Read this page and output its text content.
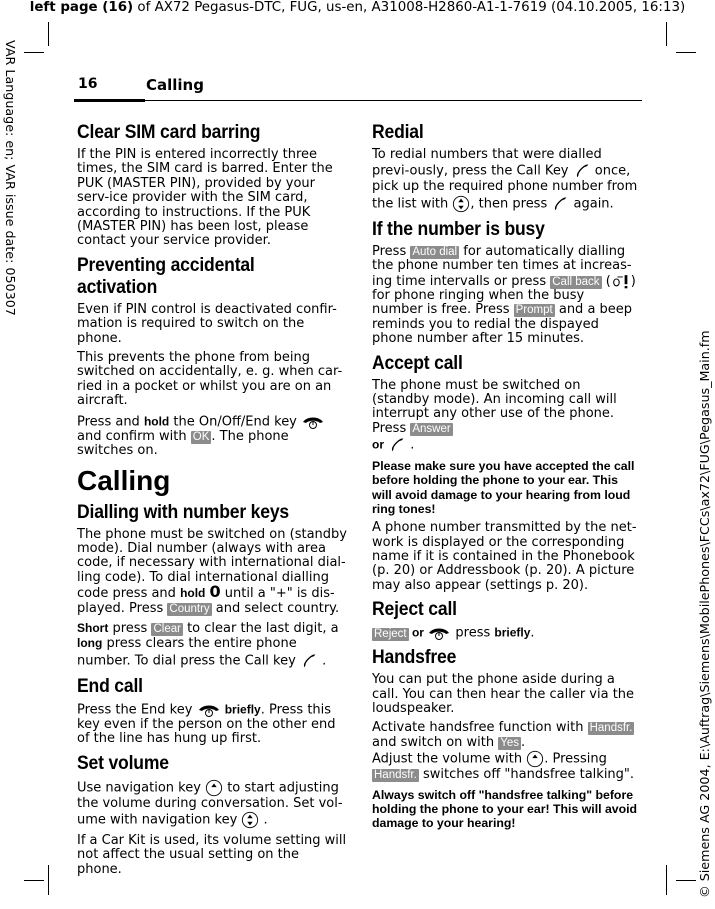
left page (16) of AX72 Pegasus-DTC, FUG, us-en, A31008-H2860-A1-1-7619 (04.10.2005, 16:13)
VAR Language: en; VAR issue date: 050307
© Siemens AG 2004, E:\Auftrag\Siemens\MobilePhones\FCCs\ax72\FUG\Pegasus_Main.fm
16	Calling
Clear SIM card barring

If the PIN is entered incorrectly three times, the SIM card is barred. Enter the PUK (MASTER PIN), provided by your serv-ice provider with the SIM card, according to instructions. If the PUK (MASTER PIN) has been lost, please contact your service provider.

Preventing accidental activation

Even if PIN control is deactivated confir-mation is required to switch on the phone.

This prevents the phone from being switched on accidentally, e. g. when car-ried in a pocket or whilst you are on an aircraft.

Press and hold the On/Off/End key
and confirm with OK . The phone switches on.

Calling
Dialling with number keys

The phone must be switched on (standby mode). Dial number (always with area code, if necessary with international dial-ling code). To dial international dialling code press and hold 0 until a "+" is dis-played. Press Country and select country.

Short press Clear to clear the last digit, a long press clears the entire phone number. To dial press the Call key  .

End call

Press the End key  briefly. Press this key even if the person on the other end of the line has hung up first.

Set volume

Use navigation key  to start adjusting the volume during conversation. Set vol-ume with navigation key  .

If a Car Kit is used, its volume setting will not affect the usual setting on the phone.

Redial

To redial numbers that were dialled previ-ously, press the Call Key  once, pick up the required phone number from the list with , then press  again.

If the number is busy

Press Auto dial for automatically dialling the phone number ten times at increas-ing time intervalls or press Call back ( ) for phone ringing when the busy number is free. Press Prompt and a beep reminds you to redial the dispayed phone number after 15 minutes.

Accept call

The phone must be switched on (standby mode). An incoming call will interrupt any other use of the phone. Press Answer
or .

Please make sure you have accepted the call before holding the phone to your ear. This will avoid damage to your hearing from loud ring tones!

A phone number transmitted by the net-work is displayed or the corresponding name if it is contained in the Phonebook (p. 20) or Addressbook (p. 20). A picture may also appear (settings p. 20).

Reject call

Reject or  press briefly.

Handsfree

You can put the phone aside during a call. You can then hear the caller via the loudspeaker.

Activate handsfree function with Handsfr.
and switch on with Yes .
Adjust the volume with . Pressing Handsfr. switches off "handsfree talking".

Always switch off "handsfree talking" before holding the phone to your ear! This will avoid damage to your hearing!
